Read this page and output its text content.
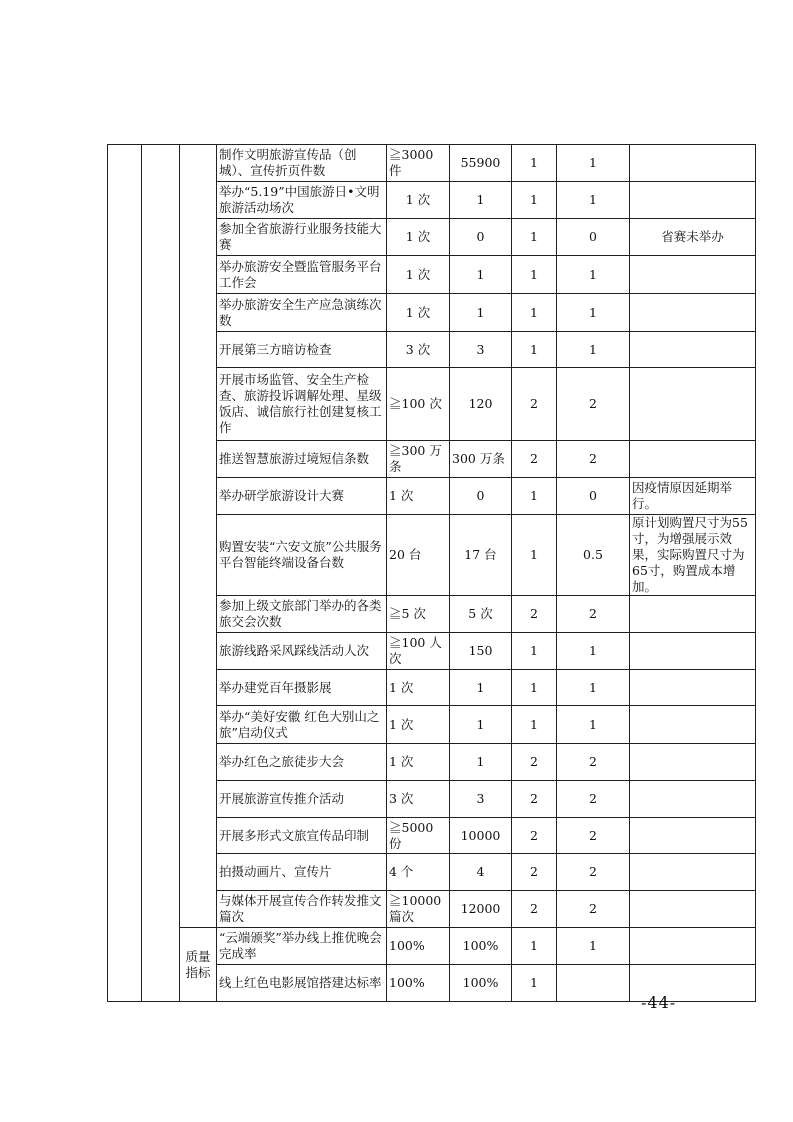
			制作文明旅游宣传品（创城）、宣传折页件数	≧3000 件	55900	1	1	
			举办“5.19”中国旅游日•文明旅游活动场次	1 次	1	1	1	
			参加全省旅游行业服务技能大赛	1 次	0	1	0	省赛未举办
			举办旅游安全暨监管服务平台工作会	1 次	1	1	1	
			举办旅游安全生产应急演练次数	1 次	1	1	1	
			开展第三方暗访检查	3 次	3	1	1	
			开展市场监管、安全生产检查、旅游投诉调解处理、星级饭店、诚信旅行社创建复核工作	≧100 次	120	2	2	
			推送智慧旅游过境短信条数	≧300 万条	300 万条	2	2	
			举办研学旅游设计大赛	1 次	0	1	0	因疫情原因延期举行。
			购置安装“六安文旅”公共服务平台智能终端设备台数	20 台	17 台	1	0.5	原计划购置尺寸为55寸，为增强展示效果，实际购置尺寸为65寸，购置成本增加。
			参加上级文旅部门举办的各类旅交会次数	≧5 次	5 次	2	2	
			旅游线路采风踩线活动人次	≧100 人次	150	1	1	
			举办建党百年摄影展	1 次	1	1	1	
			举办“美好安徽 红色大别山之旅”启动仪式	1 次	1	1	1	
			举办红色之旅徒步大会	1 次	1	2	2	
			开展旅游宣传推介活动	3 次	3	2	2	
			开展多形式文旅宣传品印制	≧5000 份	10000	2	2	
			拍摄动画片、宣传片	4 个	4	2	2	
			与媒体开展宣传合作转发推文篇次	≧10000 篇次	12000	2	2	
		质量指标	“云端颁奖”举办线上推优晚会完成率	100%	100%	1	1	
			线上红色电影展馆搭建达标率	100%	100%	1		
-44-
